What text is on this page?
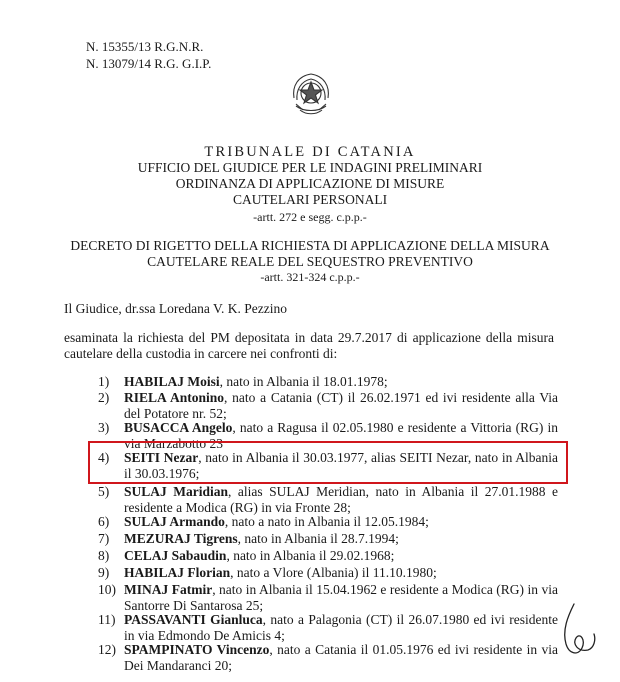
N. 15355/13 R.G.N.R.
N. 13079/14 R.G. G.I.P.
TRIBUNALE DI CATANIA
UFFICIO DEL GIUDICE PER LE INDAGINI PRELIMINARI
ORDINANZA DI APPLICAZIONE DI MISURE
CAUTELARI PERSONALI
-artt. 272 e segg. c.p.p.-
DECRETO DI RIGETTO DELLA RICHIESTA DI APPLICAZIONE DELLA MISURA
CAUTELARE REALE DEL SEQUESTRO PREVENTIVO
-artt. 321-324 c.p.p.-
Il Giudice, dr.ssa Loredana V. K. Pezzino
esaminata la richiesta del PM depositata in data 29.7.2017 di applicazione della misura cautelare della custodia in carcere nei confronti di:
1)	HABILAJ Moisi, nato in Albania il 18.01.1978;
2)	RIELA Antonino, nato a Catania (CT) il 26.02.1971 ed ivi residente alla Via del Potatore nr. 52;
3)	BUSACCA Angelo, nato a Ragusa il 02.05.1980 e residente a Vittoria (RG) in via Marzabotto 23
4)	SEITI Nezar, nato in Albania il 30.03.1977, alias SEITI Nezar, nato in Albania il 30.03.1976;
5)	SULAJ Maridian, alias SULAJ Meridian, nato in Albania il 27.01.1988 e residente a Modica (RG) in via Fronte 28;
6)	SULAJ Armando, nato a nato in Albania il 12.05.1984;
7)	MEZURAJ Tigrens, nato in Albania il 28.7.1994;
8)	CELAJ Sabaudin, nato in Albania il 29.02.1968;
9)	HABILAJ Florian, nato a Vlore (Albania) il 11.10.1980;
10) MINAJ Fatmir, nato in Albania il 15.04.1962 e residente a Modica (RG) in via Santorre Di Santarosa 25;
11) PASSAVANTI Gianluca, nato a Palagonia (CT) il 26.07.1980 ed ivi residente in via Edmondo De Amicis 4;
12) SPAMPINATO Vincenzo, nato a Catania il 01.05.1976 ed ivi residente in via Dei Mandaranci 20;
